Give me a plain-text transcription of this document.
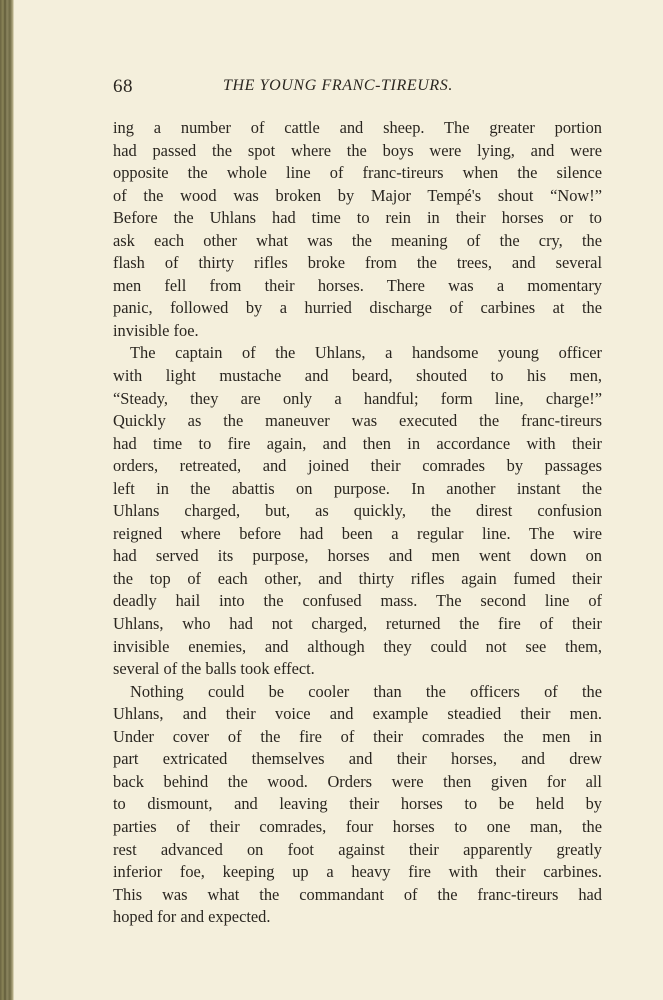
68	THE YOUNG FRANC-TIREURS.
ing a number of cattle and sheep. The greater portion
had passed the spot where the boys were lying, and were
opposite the whole line of franc-tireurs when the silence
of the wood was broken by Major Tempé's shout “Now!”
Before the Uhlans had time to rein in their horses or to
ask each other what was the meaning of the cry, the
flash of thirty rifles broke from the trees, and several
men fell from their horses. There was a momentary
panic, followed by a hurried discharge of carbines at the
invisible foe.
The captain of the Uhlans, a handsome young officer
with light mustache and beard, shouted to his men,
“Steady, they are only a handful; form line, charge!”
Quickly as the maneuver was executed the franc-tireurs
had time to fire again, and then in accordance with their
orders, retreated, and joined their comrades by passages
left in the abattis on purpose. In another instant the
Uhlans charged, but, as quickly, the direst confusion
reigned where before had been a regular line. The wire
had served its purpose, horses and men went down on
the top of each other, and thirty rifles again fumed their
deadly hail into the confused mass. The second line of
Uhlans, who had not charged, returned the fire of their
invisible enemies, and although they could not see them,
several of the balls took effect.
Nothing could be cooler than the officers of the
Uhlans, and their voice and example steadied their men.
Under cover of the fire of their comrades the men in
part extricated themselves and their horses, and drew
back behind the wood. Orders were then given for all
to dismount, and leaving their horses to be held by
parties of their comrades, four horses to one man, the
rest advanced on foot against their apparently greatly
inferior foe, keeping up a heavy fire with their carbines.
This was what the commandant of the franc-tireurs had
hoped for and expected.
